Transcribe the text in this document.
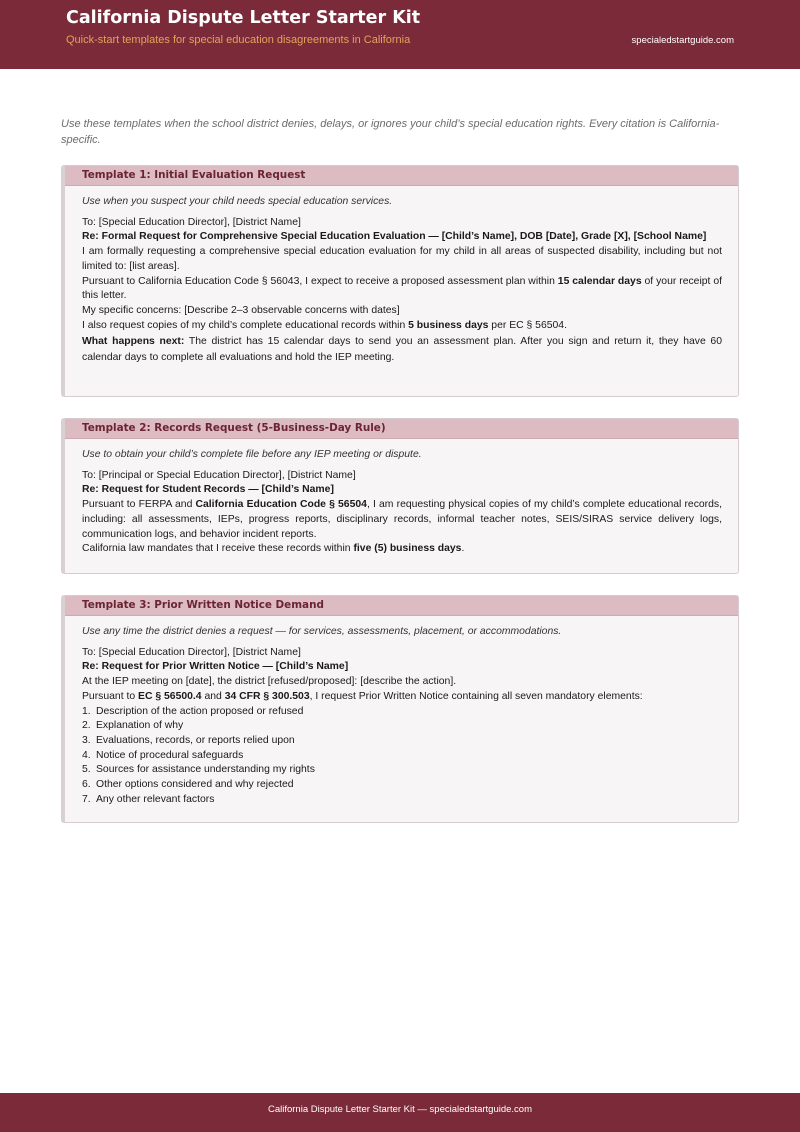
California Dispute Letter Starter Kit
Quick-start templates for special education disagreements in California	specialedstartguide.com
Use these templates when the school district denies, delays, or ignores your child’s special education rights. Every citation is California-specific.
Template 1: Initial Evaluation Request
Use when you suspect your child needs special education services.

To: [Special Education Director], [District Name]

Re: Formal Request for Comprehensive Special Education Evaluation — [Child’s Name], DOB [Date], Grade [X], [School Name]

I am formally requesting a comprehensive special education evaluation for my child in all areas of suspected disability, including but not limited to: [list areas].

Pursuant to California Education Code § 56043, I expect to receive a proposed assessment plan within 15 calendar days of your receipt of this letter.

My specific concerns: [Describe 2–3 observable concerns with dates]

I also request copies of my child’s complete educational records within 5 business days per EC § 56504.

What happens next: The district has 15 calendar days to send you an assessment plan. After you sign and return it, they have 60 calendar days to complete all evaluations and hold the IEP meeting.

Template 2: Records Request (5-Business-Day Rule)
Use to obtain your child’s complete file before any IEP meeting or dispute.

To: [Principal or Special Education Director], [District Name]

Re: Request for Student Records — [Child’s Name]

Pursuant to FERPA and California Education Code § 56504, I am requesting physical copies of my child’s complete educational records, including: all assessments, IEPs, progress reports, disciplinary records, informal teacher notes, SEIS/SIRAS service delivery logs, communication logs, and behavior incident reports.

California law mandates that I receive these records within five (5) business days.

Template 3: Prior Written Notice Demand
Use any time the district denies a request — for services, assessments, placement, or accommodations.

To: [Special Education Director], [District Name]

Re: Request for Prior Written Notice — [Child’s Name]

At the IEP meeting on [date], the district [refused/proposed]: [describe the action].

Pursuant to EC § 56500.4 and 34 CFR § 300.503, I request Prior Written Notice containing all seven mandatory elements:

1. Description of the action proposed or refused
2. Explanation of why
3. Evaluations, records, or reports relied upon
4. Notice of procedural safeguards
5. Sources for assistance understanding my rights
6. Other options considered and why rejected
7. Any other relevant factors
California Dispute Letter Starter Kit — specialedstartguide.com
